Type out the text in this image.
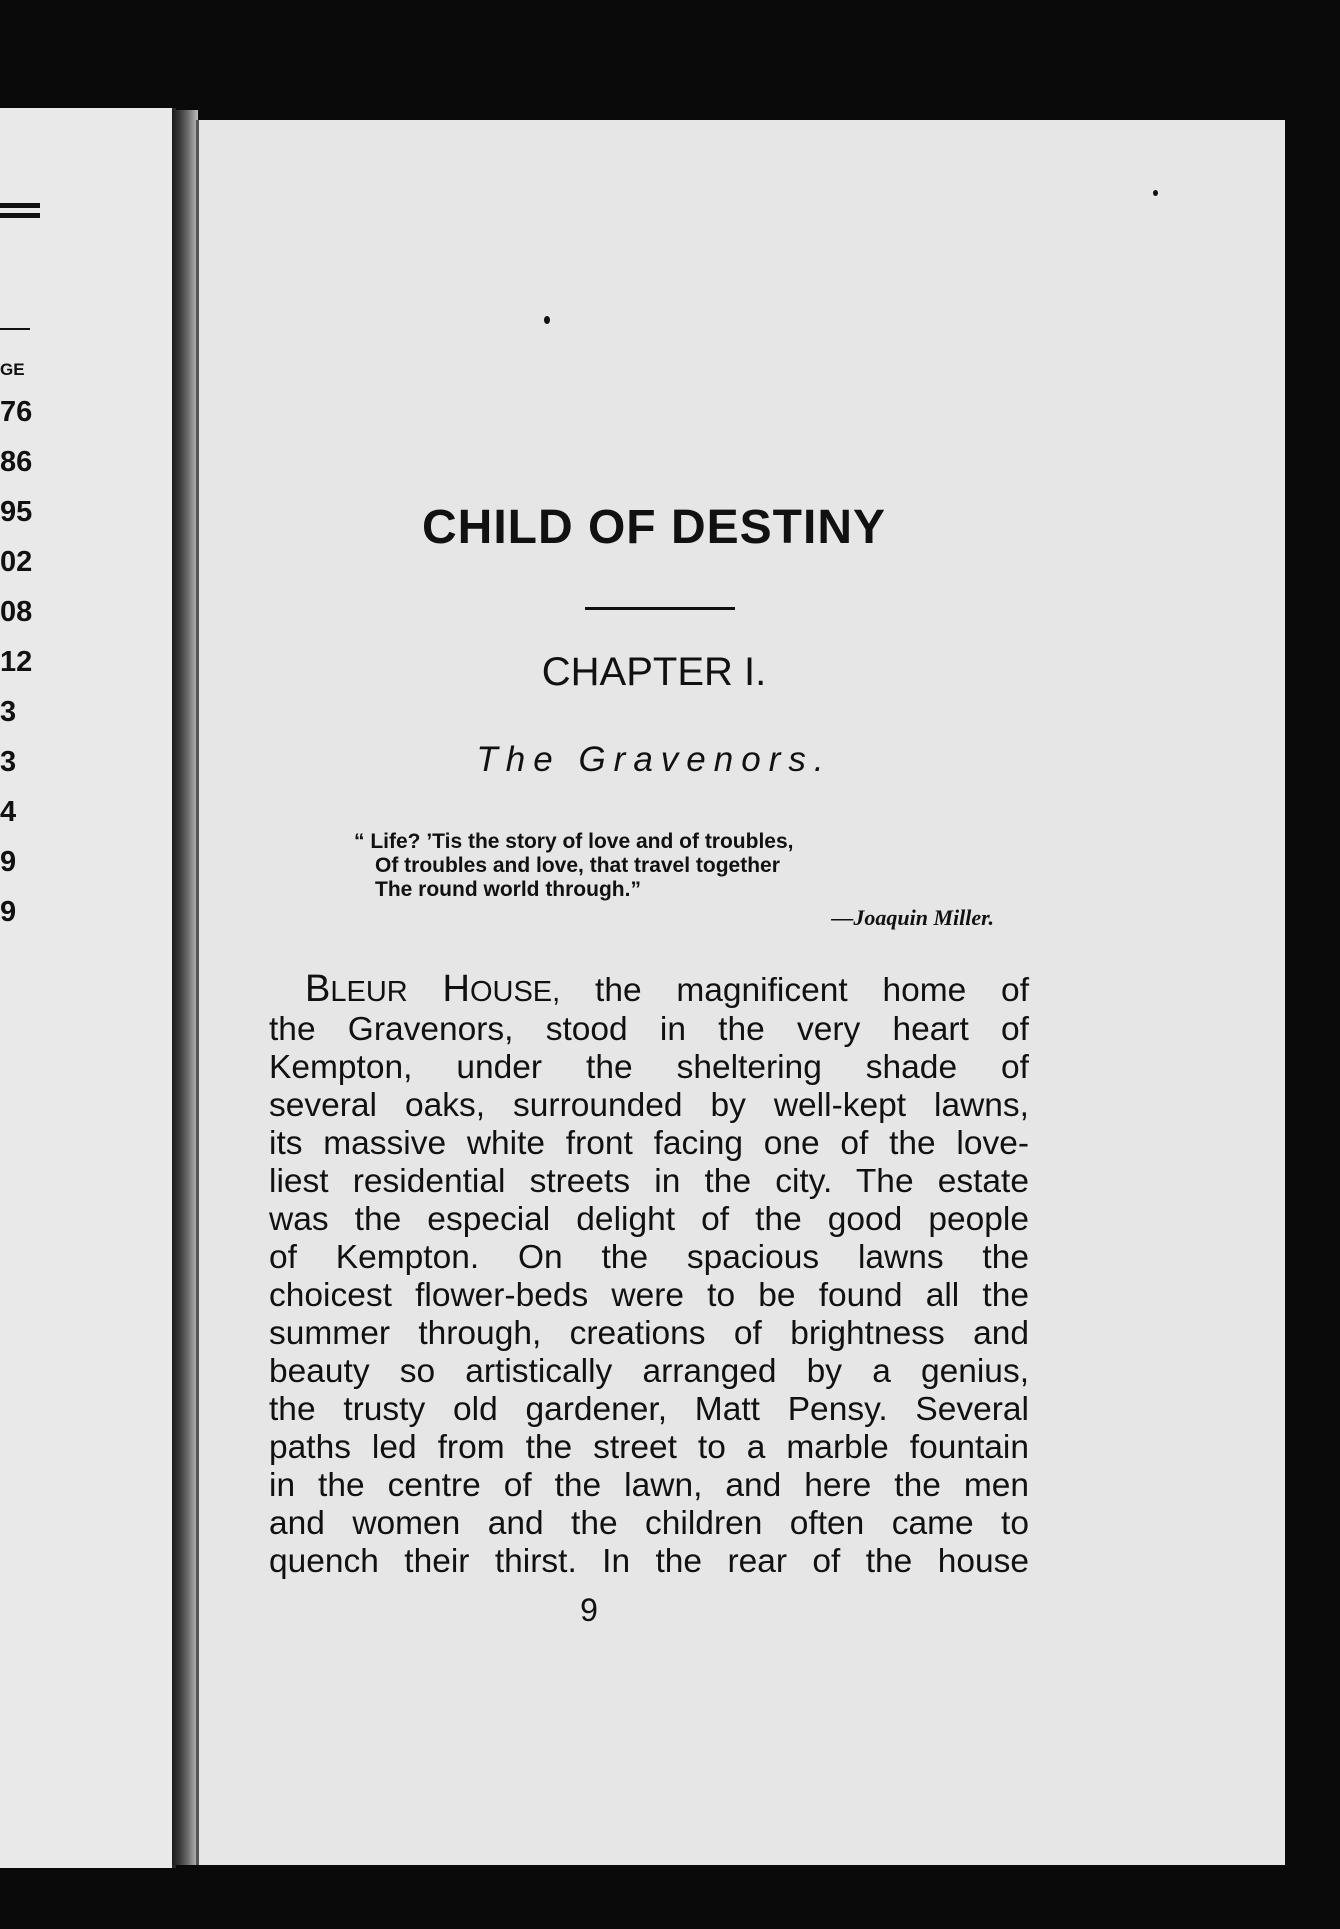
GE
76
86
95
02
08
12
3
3
4
9
9
CHILD OF DESTINY
CHAPTER I.
The Gravenors.
“ Life? ’Tis the story of love and of troubles,
Of troubles and love, that travel together
The round world through.”
—Joaquin Miller.
BLEUR HOUSE, the magnificent home of
the Gravenors, stood in the very heart of
Kempton, under the sheltering shade of
several oaks, surrounded by well-kept lawns,
its massive white front facing one of the love-
liest residential streets in the city. The estate
was the especial delight of the good people
of Kempton. On the spacious lawns the
choicest flower-beds were to be found all the
summer through, creations of brightness and
beauty so artistically arranged by a genius,
the trusty old gardener, Matt Pensy. Several
paths led from the street to a marble fountain
in the centre of the lawn, and here the men
and women and the children often came to
quench their thirst. In the rear of the house
9
